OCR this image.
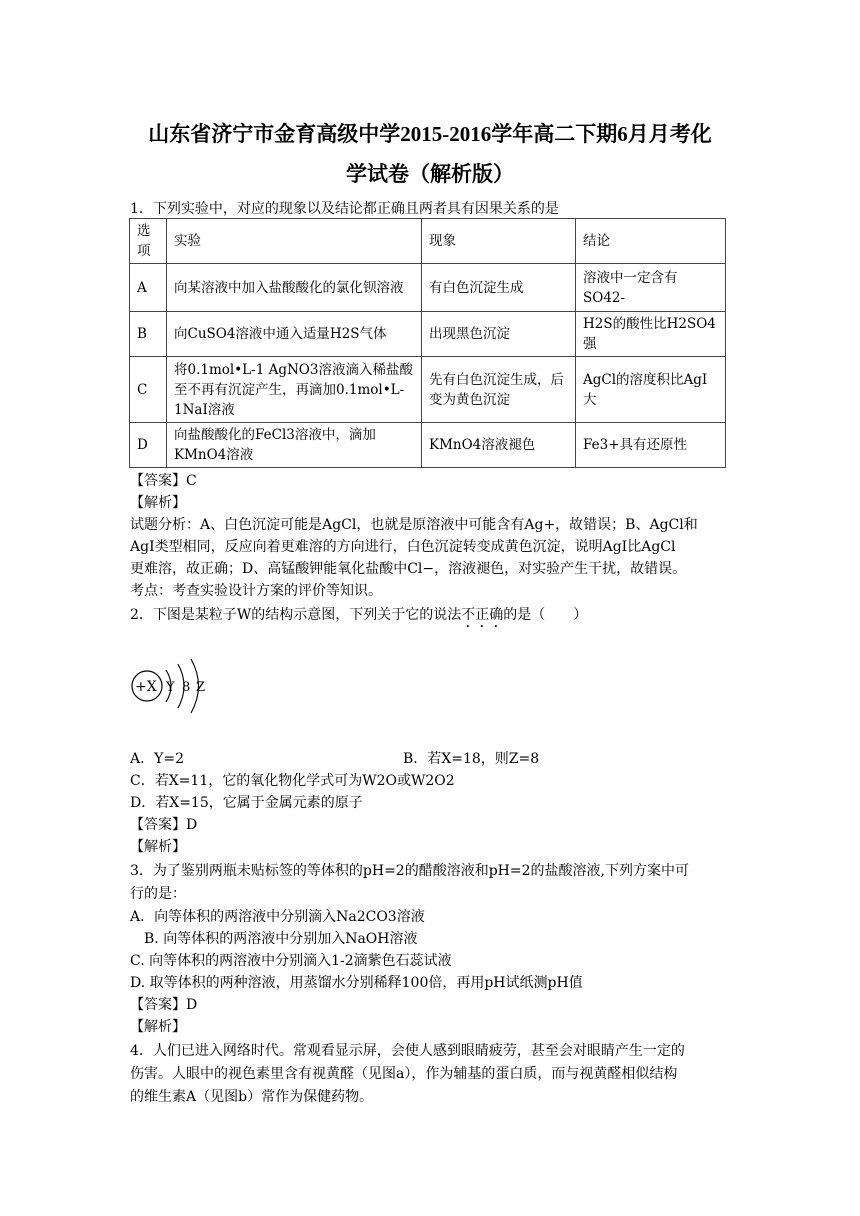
山东省济宁市金育高级中学2015-2016学年高二下期6月月考化
学试卷（解析版）
1．下列实验中，对应的现象以及结论都正确且两者具有因果关系的是
选项	实验	现象	结论
A	向某溶液中加入盐酸酸化的氯化钡溶液	有白色沉淀生成	溶液中一定含有SO42-
B	向CuSO4溶液中通入适量H2S气体	出现黑色沉淀	H2S的酸性比H2SO4强
C	将0.1mol•L-1 AgNO3溶液滴入稀盐酸至不再有沉淀产生，再滴加0.1mol•L-1NaI溶液	先有白色沉淀生成，后变为黄色沉淀	AgCl的溶度积比AgI大
D	向盐酸酸化的FeCl3溶液中，滴加KMnO4溶液	KMnO4溶液褪色	Fe3+具有还原性
【答案】C
【解析】
试题分析：A、白色沉淀可能是AgCl，也就是原溶液中可能含有Ag+，故错误；B、AgCl和
AgI类型相同，反应向着更难溶的方向进行，白色沉淀转变成黄色沉淀，说明AgI比AgCl
更难溶，故正确；D、高锰酸钾能氧化盐酸中Cl−，溶液褪色，对实验产生干扰，故错误。
考点：考查实验设计方案的评价等知识。
2．下图是某粒子W的结构示意图，下列关于它的说法不正确的是（　　）
+X Y 8 Z
A．Y=2	B．若X=18，则Z=8
C．若X=11，它的氧化物化学式可为W2O或W2O2
D．若X=15，它属于金属元素的原子
【答案】D
【解析】
3．为了鉴别两瓶未贴标签的等体积的pH=2的醋酸溶液和pH=2的盐酸溶液,下列方案中可
行的是：
A．向等体积的两溶液中分别滴入Na2CO3溶液
B. 向等体积的两溶液中分别加入NaOH溶液
C. 向等体积的两溶液中分别滴入1-2滴紫色石蕊试液
D. 取等体积的两种溶液，用蒸馏水分别稀释100倍，再用pH试纸测pH值
【答案】D
【解析】
4．人们已进入网络时代。常观看显示屏，会使人感到眼睛疲劳，甚至会对眼睛产生一定的
伤害。人眼中的视色素里含有视黄醛（见图a），作为辅基的蛋白质，而与视黄醛相似结构
的维生素A（见图b）常作为保健药物。
